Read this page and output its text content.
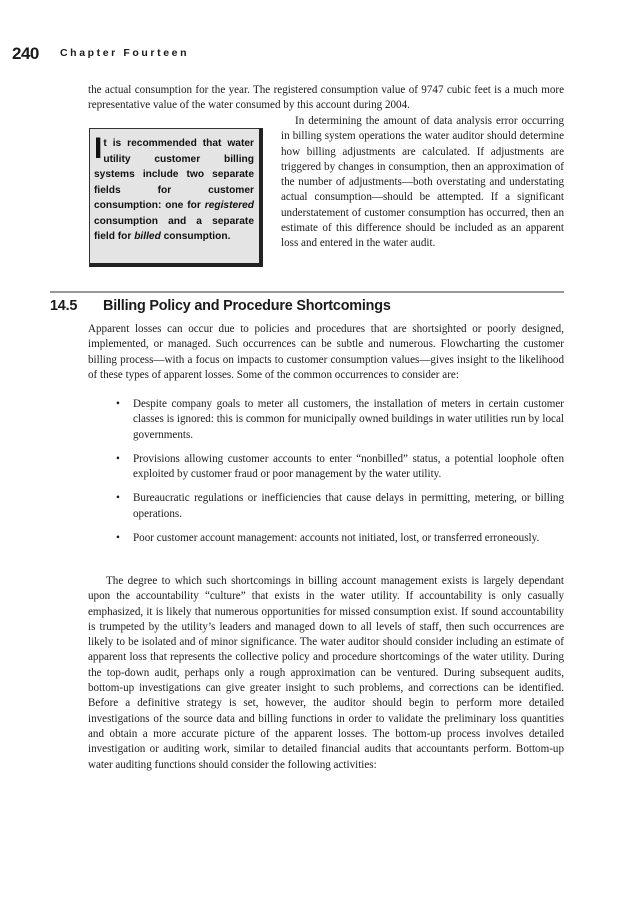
240 Chapter Fourteen

the actual consumption for the year. The registered consumption value of 9747 cubic feet is a much more representative value of the water consumed by this account during 2004.

It is recommended that water utility customer billing systems include two separate fields for customer consumption: one for registered consumption and a separate field for billed consumption.

In determining the amount of data analysis error occurring in billing system operations the water auditor should determine how billing adjustments are calculated. If adjustments are triggered by changes in consumption, then an approximation of the number of adjustments—both overstating and understating actual consumption—should be attempted. If a significant understatement of customer consumption has occurred, then an estimate of this difference should be included as an apparent loss and entered in the water audit.

14.5 Billing Policy and Procedure Shortcomings

Apparent losses can occur due to policies and procedures that are shortsighted or poorly designed, implemented, or managed. Such occurrences can be subtle and numerous. Flowcharting the customer billing process—with a focus on impacts to customer consumption values—gives insight to the likelihood of these types of apparent losses. Some of the common occurrences to consider are:

• Despite company goals to meter all customers, the installation of meters in certain customer classes is ignored: this is common for municipally owned buildings in water utilities run by local governments.
• Provisions allowing customer accounts to enter “nonbilled” status, a potential loophole often exploited by customer fraud or poor management by the water utility.
• Bureaucratic regulations or inefficiencies that cause delays in permitting, metering, or billing operations.
• Poor customer account management: accounts not initiated, lost, or transferred erroneously.

The degree to which such shortcomings in billing account management exists is largely dependant upon the accountability “culture” that exists in the water utility. If accountability is only casually emphasized, it is likely that numerous opportunities for missed consumption exist. If sound accountability is trumpeted by the utility’s leaders and managed down to all levels of staff, then such occurrences are likely to be isolated and of minor significance. The water auditor should consider including an estimate of apparent loss that represents the collective policy and procedure shortcomings of the water utility. During the top-down audit, perhaps only a rough approximation can be ventured. During subsequent audits, bottom-up investigations can give greater insight to such problems, and corrections can be identified. Before a definitive strategy is set, however, the auditor should begin to perform more detailed investigations of the source data and billing functions in order to validate the preliminary loss quantities and obtain a more accurate picture of the apparent losses. The bottom-up process involves detailed investigation or auditing work, similar to detailed financial audits that accountants perform. Bottom-up water auditing functions should consider the following activities:
